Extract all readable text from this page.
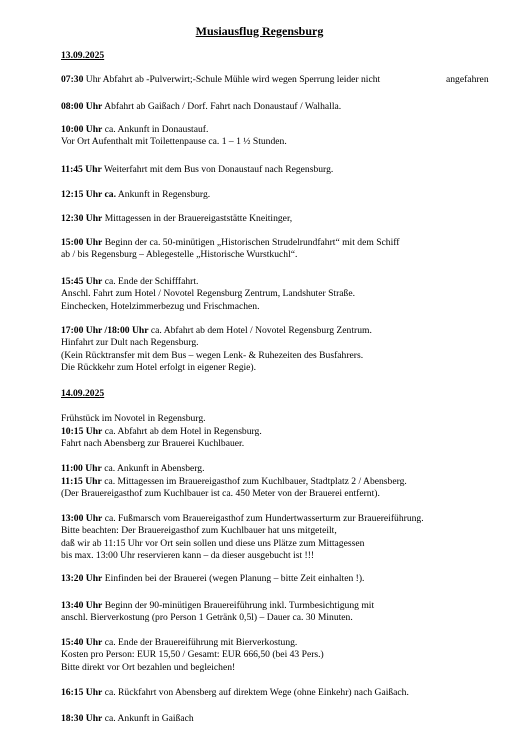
Musiausflug Regensburg
13.09.2025
07:30 Uhr Abfahrt ab -Pulverwirt;-Schule Mühle wird wegen Sperrung leider nicht	angefahren
08:00 Uhr Abfahrt ab Gaißach / Dorf. Fahrt nach Donaustauf / Walhalla.
10:00 Uhr ca. Ankunft in Donaustauf.
Vor Ort Aufenthalt mit Toilettenpause ca. 1 – 1 ½ Stunden.
11:45 Uhr Weiterfahrt mit dem Bus von Donaustauf nach Regensburg.
12:15 Uhr ca. Ankunft in Regensburg.
12:30 Uhr Mittagessen in der Brauereigaststätte Kneitinger,
15:00 Uhr Beginn der ca. 50-minütigen „Historischen Strudelrundfahrt“ mit dem Schiff
ab / bis Regensburg – Ablegestelle „Historische Wurstkuchl“.
15:45 Uhr ca. Ende der Schifffahrt.
Anschl. Fahrt zum Hotel / Novotel Regensburg Zentrum, Landshuter Straße.
Einchecken, Hotelzimmerbezug und Frischmachen.
17:00 Uhr /18:00 Uhr ca. Abfahrt ab dem Hotel / Novotel Regensburg Zentrum.
Hinfahrt zur Dult nach Regensburg.
(Kein Rücktransfer mit dem Bus – wegen Lenk- & Ruhezeiten des Busfahrers.
Die Rückkehr zum Hotel erfolgt in eigener Regie).
14.09.2025
Frühstück im Novotel in Regensburg.
10:15 Uhr ca. Abfahrt ab dem Hotel in Regensburg.
Fahrt nach Abensberg zur Brauerei Kuchlbauer.
11:00 Uhr ca. Ankunft in Abensberg.
11:15 Uhr ca. Mittagessen im Brauereigasthof zum Kuchlbauer, Stadtplatz 2 / Abensberg.
(Der Brauereigasthof zum Kuchlbauer ist ca. 450 Meter von der Brauerei entfernt).
13:00 Uhr ca. Fußmarsch vom Brauereigasthof zum Hundertwasserturm zur Brauereiführung.
Bitte beachten: Der Brauereigasthof zum Kuchlbauer hat uns mitgeteilt,
daß wir ab 11:15 Uhr vor Ort sein sollen und diese uns Plätze zum Mittagessen
bis max. 13:00 Uhr reservieren kann – da dieser ausgebucht ist !!!
13:20 Uhr Einfinden bei der Brauerei (wegen Planung – bitte Zeit einhalten !).
13:40 Uhr Beginn der 90-minütigen Brauereiführung inkl. Turmbesichtigung mit
anschl. Bierverkostung (pro Person 1 Getränk 0,5l) – Dauer ca. 30 Minuten.
15:40 Uhr ca. Ende der Brauereiführung mit Bierverkostung.
Kosten pro Person: EUR 15,50 / Gesamt: EUR 666,50 (bei 43 Pers.)
Bitte direkt vor Ort bezahlen und begleichen!
16:15 Uhr ca. Rückfahrt von Abensberg auf direktem Wege (ohne Einkehr) nach Gaißach.
18:30 Uhr ca. Ankunft in Gaißach
